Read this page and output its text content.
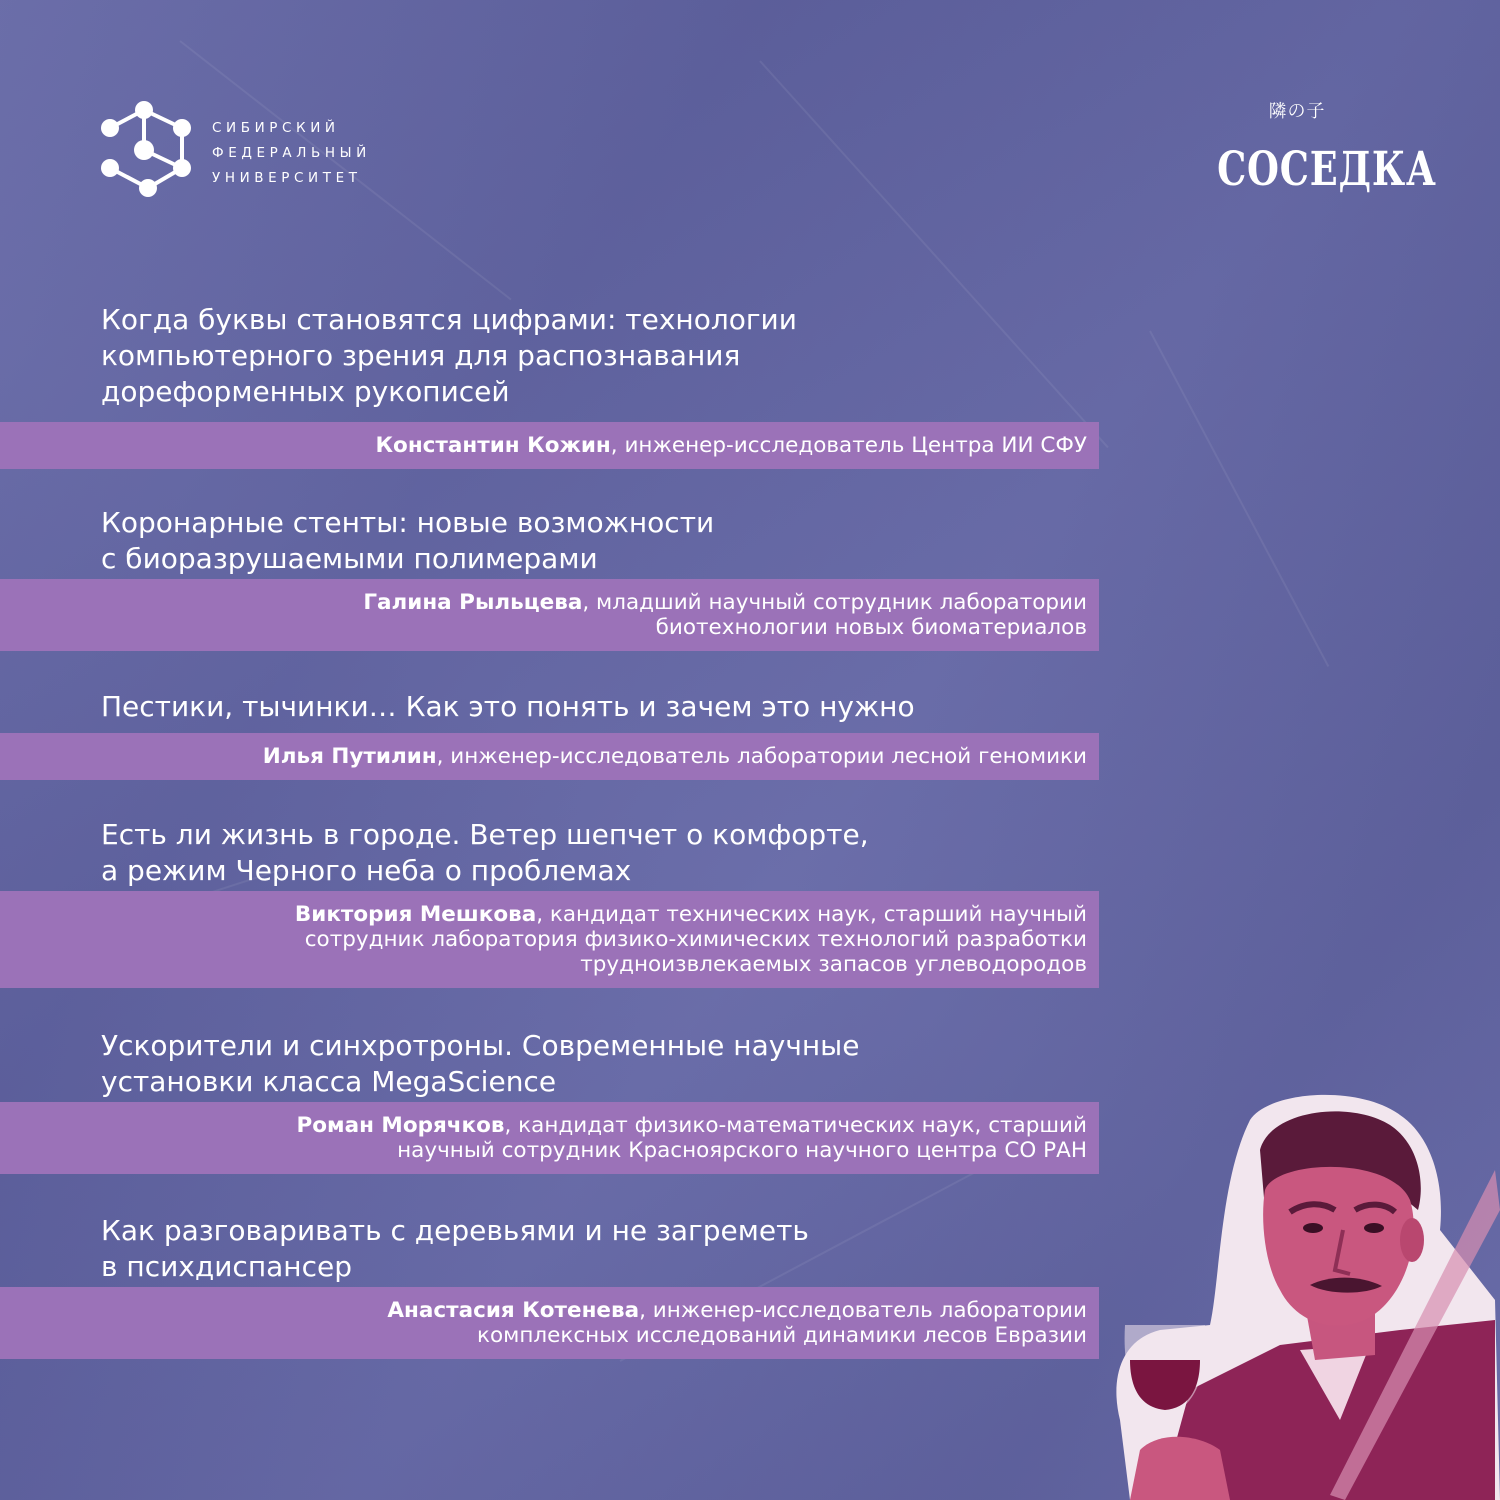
СИБИРСКИЙ
ФЕДЕРАЛЬНЫЙ
УНИВЕРСИТЕТ
隣の子
СОСЕДКА
Когда буквы становятся цифрами: технологии
компьютерного зрения для распознавания
дореформенных рукописей
Константин Кожин, инженер-исследователь Центра ИИ СФУ
Коронарные стенты: новые возможности
с биоразрушаемыми полимерами
Галина Рыльцева, младший научный сотрудник лаборатории
биотехнологии новых биоматериалов
Пестики, тычинки… Как это понять и зачем это нужно
Илья Путилин, инженер-исследователь лаборатории лесной геномики
Есть ли жизнь в городе. Ветер шепчет о комфорте,
а режим Черного неба о проблемах
Виктория Мешкова, кандидат технических наук, старший научный
сотрудник лаборатория физико-химических технологий разработки
трудноизвлекаемых запасов углеводородов
Ускорители и синхротроны. Современные научные
установки класса MegaScience
Роман Морячков, кандидат физико-математических наук, старший
научный сотрудник Красноярского научного центра СО РАН
Как разговаривать с деревьями и не загреметь
в психдиспансер
Анастасия Котенева, инженер-исследователь лаборатории
комплексных исследований динамики лесов Евразии
